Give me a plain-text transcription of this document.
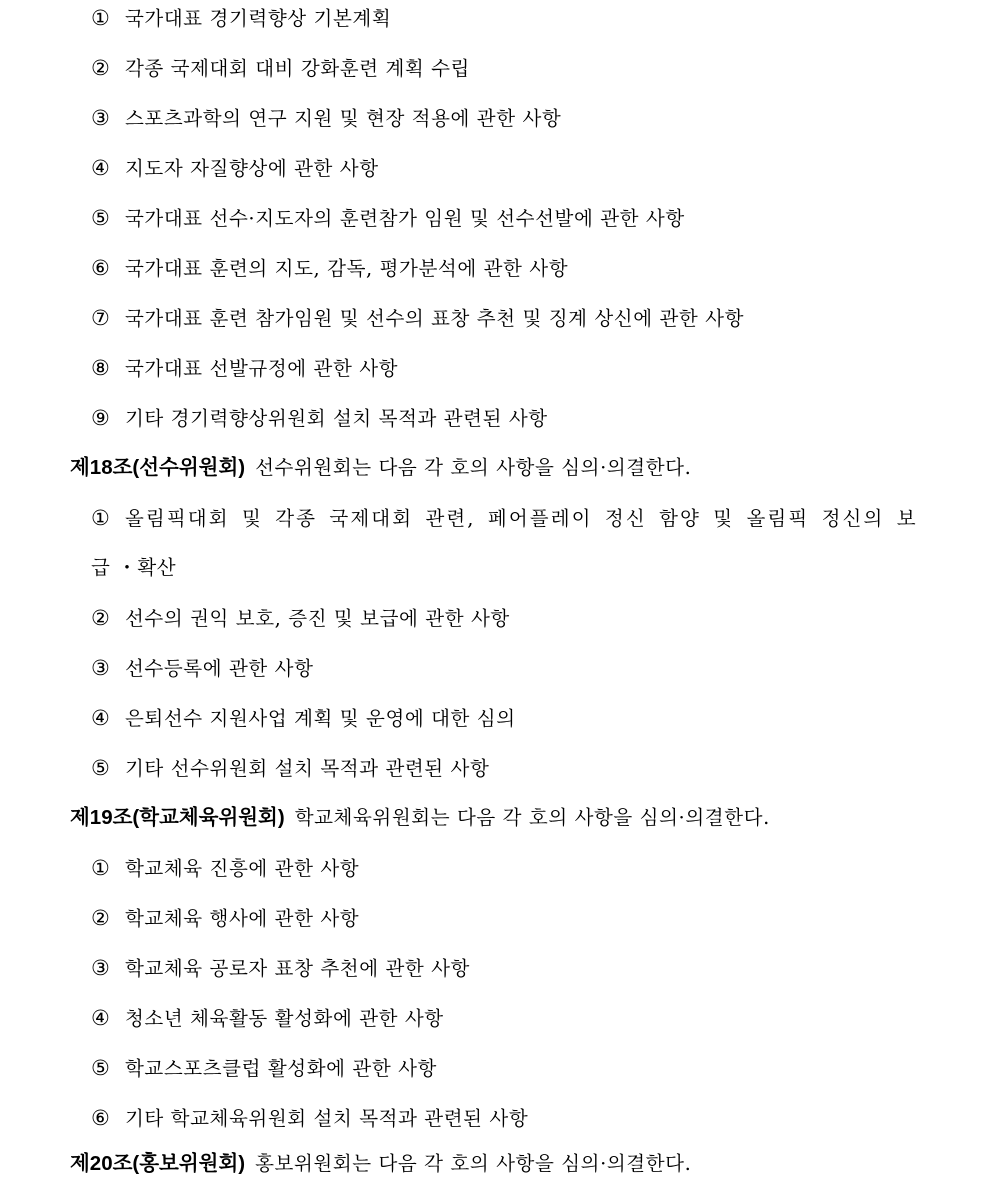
① 국가대표 경기력향상 기본계획
② 각종 국제대회 대비 강화훈련 계획 수립
③ 스포츠과학의 연구 지원 및 현장 적용에 관한 사항
④ 지도자 자질향상에 관한 사항
⑤ 국가대표 선수·지도자의 훈련참가 임원 및 선수선발에 관한 사항
⑥ 국가대표 훈련의 지도, 감독, 평가분석에 관한 사항
⑦ 국가대표 훈련 참가임원 및 선수의 표창 추천 및 징계 상신에 관한 사항
⑧ 국가대표 선발규정에 관한 사항
⑨ 기타 경기력향상위원회 설치 목적과 관련된 사항
제18조(선수위원회) 선수위원회는 다음 각 호의 사항을 심의·의결한다.
① 올림픽대회 및 각종 국제대회 관련, 페어플레이 정신 함양 및 올림픽 정신의 보
급 ・확산
② 선수의 권익 보호, 증진 및 보급에 관한 사항
③ 선수등록에 관한 사항
④ 은퇴선수 지원사업 계획 및 운영에 대한 심의
⑤ 기타 선수위원회 설치 목적과 관련된 사항
제19조(학교체육위원회) 학교체육위원회는 다음 각 호의 사항을 심의·의결한다.
① 학교체육 진흥에 관한 사항
② 학교체육 행사에 관한 사항
③ 학교체육 공로자 표창 추천에 관한 사항
④ 청소년 체육활동 활성화에 관한 사항
⑤ 학교스포츠클럽 활성화에 관한 사항
⑥ 기타 학교체육위원회 설치 목적과 관련된 사항
제20조(홍보위원회) 홍보위원회는 다음 각 호의 사항을 심의·의결한다.
